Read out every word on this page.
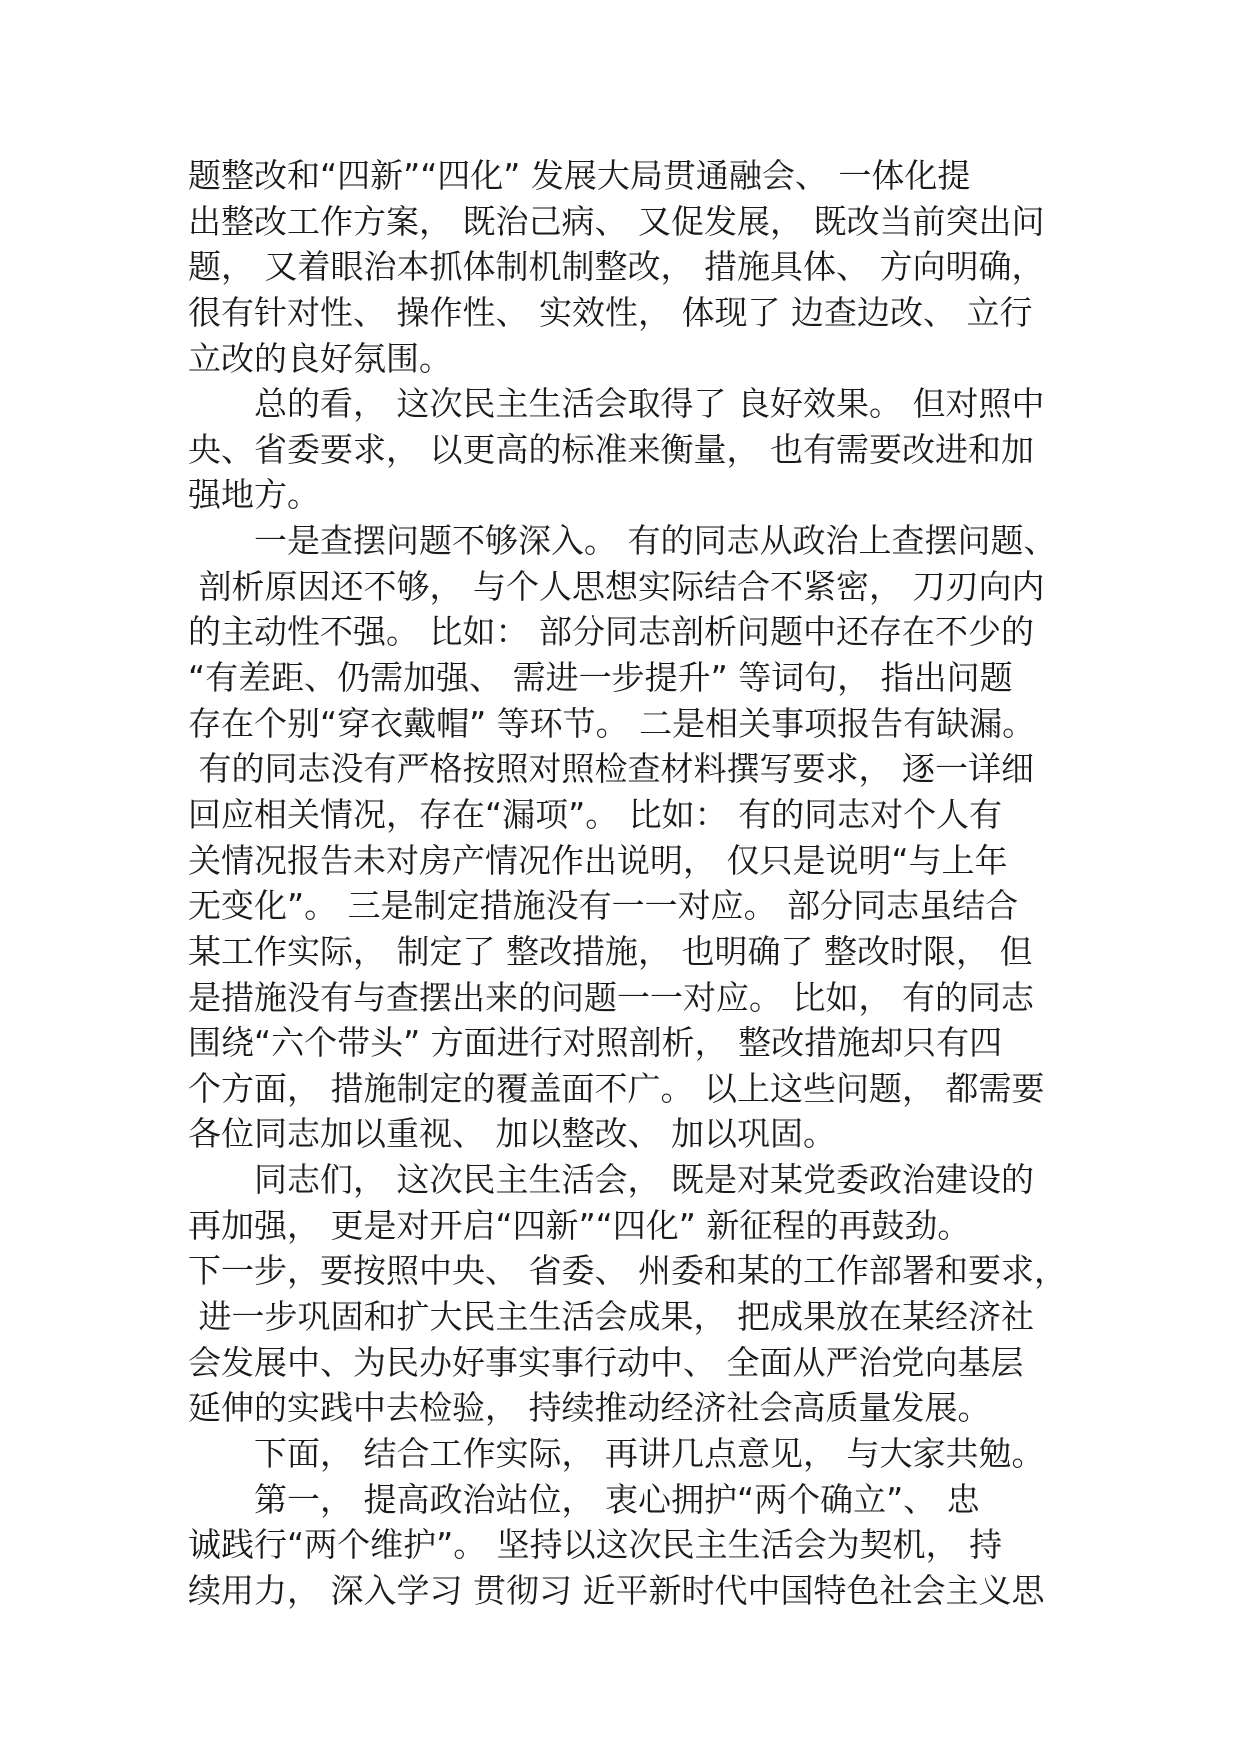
题整改和“四新”“四化” 发展大局贯通融会、 一体化提
出整改工作方案， 既治己病、 又促发展， 既改当前突出问
题， 又着眼治本抓体制机制整改， 措施具体、 方向明确，
很有针对性、 操作性、 实效性， 体现了 边查边改、 立行
立改的良好氛围。
总的看， 这次民主生活会取得了 良好效果。 但对照中
央、省委要求， 以更高的标准来衡量， 也有需要改进和加
强地方。
一是查摆问题不够深入。 有的同志从政治上查摆问题、
剖析原因还不够， 与个人思想实际结合不紧密， 刀刃向内
的主动性不强。 比如： 部分同志剖析问题中还存在不少的
“有差距、仍需加强、 需进一步提升” 等词句， 指出问题
存在个别“穿衣戴帽” 等环节。 二是相关事项报告有缺漏。
有的同志没有严格按照对照检查材料撰写要求， 逐一详细
回应相关情况，存在“漏项”。 比如： 有的同志对个人有
关情况报告未对房产情况作出说明， 仅只是说明“与上年
无变化”。 三是制定措施没有一一对应。 部分同志虽结合
某工作实际， 制定了 整改措施， 也明确了 整改时限， 但
是措施没有与查摆出来的问题一一对应。 比如， 有的同志
围绕“六个带头” 方面进行对照剖析， 整改措施却只有四
个方面， 措施制定的覆盖面不广。 以上这些问题， 都需要
各位同志加以重视、 加以整改、 加以巩固。
同志们， 这次民主生活会， 既是对某党委政治建设的
再加强， 更是对开启“四新”“四化” 新征程的再鼓劲。
下一步，要按照中央、 省委、 州委和某的工作部署和要求，
进一步巩固和扩大民主生活会成果， 把成果放在某经济社
会发展中、为民办好事实事行动中、 全面从严治党向基层
延伸的实践中去检验， 持续推动经济社会高质量发展。
下面， 结合工作实际， 再讲几点意见， 与大家共勉。
第一， 提高政治站位， 衷心拥护“两个确立”、 忠
诚践行“两个维护”。 坚持以这次民主生活会为契机， 持
续用力， 深入学习 贯彻习 近平新时代中国特色社会主义思
